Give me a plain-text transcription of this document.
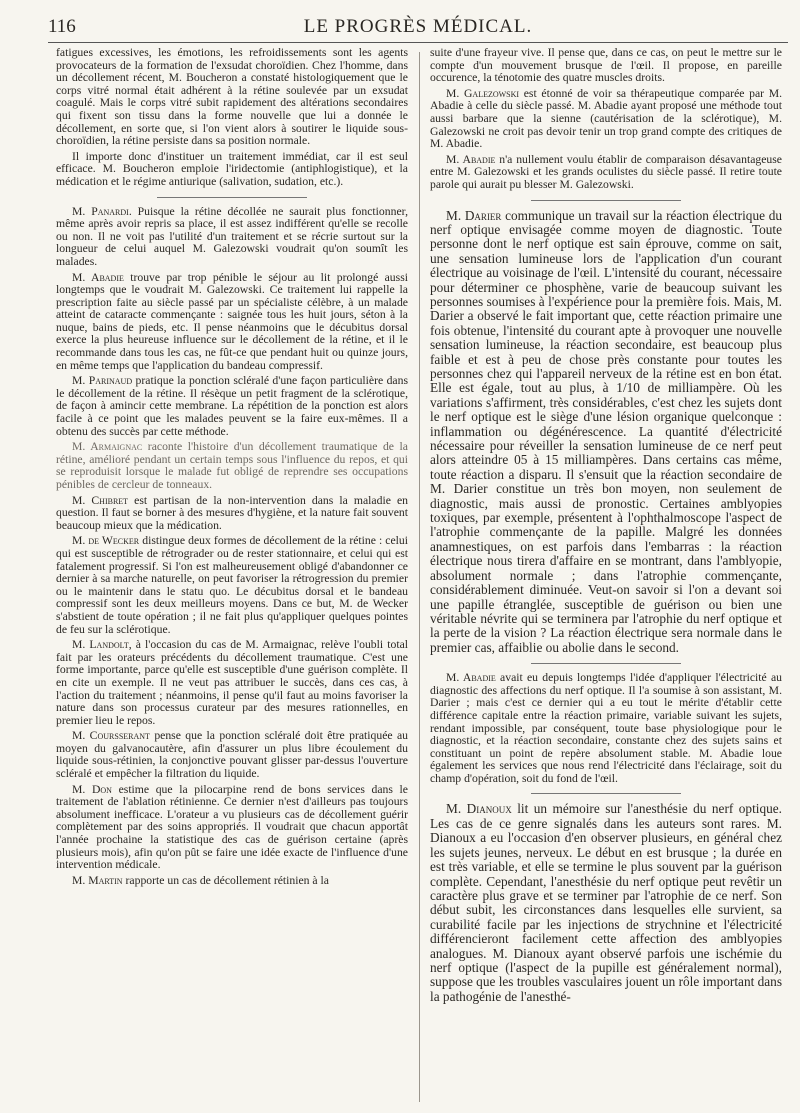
116	LE PROGRÈS MÉDICAL.

fatigues excessives, les émotions, les refroidissements sont les agents provocateurs de la formation de l'exsudat choroïdien. Chez l'homme, dans un décollement récent, M. Boucheron a constaté histologiquement que le corps vitré normal était adhérent à la rétine soulevée par un exsudat coagulé. Mais le corps vitré subit rapidement des altérations secondaires qui fixent son tissu dans la forme nouvelle que lui a donnée le décollement, en sorte que, si l'on vient alors à soutirer le liquide sous-choroïdien, la rétine persiste dans sa position normale.

Il importe donc d'instituer un traitement immédiat, car il est seul efficace. M. Boucheron emploie l'iridectomie (antiphlogistique), et la médication et le régime antiurique (salivation, sudation, etc.).

M. Panardi. Puisque la rétine décollée ne saurait plus fonctionner, même après avoir repris sa place, il est assez indifférent qu'elle se recolle ou non. Il ne voit pas l'utilité d'un traitement et se récrie surtout sur la longueur de celui auquel M. Galezowski voudrait qu'on soumît les malades.

M. Abadie trouve par trop pénible le séjour au lit prolongé aussi longtemps que le voudrait M. Galezowski. Ce traitement lui rappelle la prescription faite au siècle passé par un spécialiste célèbre, à un malade atteint de cataracte commençante : saignée tous les huit jours, séton à la nuque, bains de pieds, etc. Il pense néanmoins que le décubitus dorsal exerce la plus heureuse influence sur le décollement de la rétine, et il le recommande dans tous les cas, ne fût-ce que pendant huit ou quinze jours, en même temps que l'application du bandeau compressif.

M. Parinaud pratique la ponction scléralé d'une façon particulière dans le décollement de la rétine. Il résèque un petit fragment de la sclérotique, de façon à amincir cette membrane. La répétition de la ponction est alors facile à ce point que les malades peuvent se la faire eux-mêmes. Il a obtenu des succès par cette méthode.

M. Armaignac raconte l'histoire d'un décollement traumatique de la rétine, amélioré pendant un certain temps sous l'influence du repos, et qui se reproduisit lorsque le malade fut obligé de reprendre ses occupations pénibles de cercleur de tonneaux.

M. Chibret est partisan de la non-intervention dans la maladie en question. Il faut se borner à des mesures d'hygiène, et la nature fait souvent beaucoup mieux que la médication.

M. de Wecker distingue deux formes de décollement de la rétine : celui qui est susceptible de rétrograder ou de rester stationnaire, et celui qui est fatalement progressif. Si l'on est malheureusement obligé d'abandonner ce dernier à sa marche naturelle, on peut favoriser la rétrogression du premier ou le maintenir dans le statu quo. Le décubitus dorsal et le bandeau compressif sont les deux meilleurs moyens. Dans ce but, M. de Wecker s'abstient de toute opération ; il ne fait plus qu'appliquer quelques pointes de feu sur la sclérotique.

M. Landolt, à l'occasion du cas de M. Armaignac, relève l'oubli total fait par les orateurs précédents du décollement traumatique. C'est une forme importante, parce qu'elle est susceptible d'une guérison complète. Il en cite un exemple. Il ne veut pas attribuer le succès, dans ces cas, à l'action du traitement ; néanmoins, il pense qu'il faut au moins favoriser la nature dans son processus curateur par des mesures rationnelles, en premier lieu le repos.

M. Coursserant pense que la ponction scléralé doit être pratiquée au moyen du galvanocautère, afin d'assurer un plus libre écoulement du liquide sous-rétinien, la conjonctive pouvant glisser par-dessus l'ouverture scléralé et empêcher la filtration du liquide.

M. Don estime que la pilocarpine rend de bons services dans le traitement de l'ablation rétinienne. Ce dernier n'est d'ailleurs pas toujours absolument inefficace. L'orateur a vu plusieurs cas de décollement guérir complètement par des soins appropriés. Il voudrait que chacun apportât l'année prochaine la statistique des cas de guérison certaine (après plusieurs mois), afin qu'on pût se faire une idée exacte de l'influence d'une intervention médicale.

M. Martin rapporte un cas de décollement rétinien à la

suite d'une frayeur vive. Il pense que, dans ce cas, on peut le mettre sur le compte d'un mouvement brusque de l'œil. Il propose, en pareille occurence, la ténotomie des quatre muscles droits.

M. Galezowski est étonné de voir sa thérapeutique comparée par M. Abadie à celle du siècle passé. M. Abadie ayant proposé une méthode tout aussi barbare que la sienne (cautérisation de la sclérotique), M. Galezowski ne croit pas devoir tenir un trop grand compte des critiques de M. Abadie.

M. Abadie n'a nullement voulu établir de comparaison désavantageuse entre M. Galezowski et les grands oculistes du siècle passé. Il retire toute parole qui aurait pu blesser M. Galezowski.

M. Darier communique un travail sur la réaction électrique du nerf optique envisagée comme moyen de diagnostic. Toute personne dont le nerf optique est sain éprouve, comme on sait, une sensation lumineuse lors de l'application d'un courant électrique au voisinage de l'œil. L'intensité du courant, nécessaire pour déterminer ce phosphène, varie de beaucoup suivant les personnes soumises à l'expérience pour la première fois. Mais, M. Darier a observé le fait important que, cette réaction primaire une fois obtenue, l'intensité du courant apte à provoquer une nouvelle sensation lumineuse, la réaction secondaire, est beaucoup plus faible et est à peu de chose près constante pour toutes les personnes chez qui l'appareil nerveux de la rétine est en bon état. Elle est égale, tout au plus, à 1/10 de milliampère. Où les variations s'affirment, très considérables, c'est chez les sujets dont le nerf optique est le siège d'une lésion organique quelconque : inflammation ou dégénérescence. La quantité d'électricité nécessaire pour réveiller la sensation lumineuse de ce nerf peut alors atteindre 05 à 15 milliampères. Dans certains cas même, toute réaction a disparu. Il s'ensuit que la réaction secondaire de M. Darier constitue un très bon moyen, non seulement de diagnostic, mais aussi de pronostic. Certaines amblyopies toxiques, par exemple, présentent à l'ophthalmoscope l'aspect de l'atrophie commençante de la papille. Malgré les données anamnestiques, on est parfois dans l'embarras : la réaction électrique nous tirera d'affaire en se montrant, dans l'amblyopie, absolument normale ; dans l'atrophie commençante, considérablement diminuée. Veut-on savoir si l'on a devant soi une papille étranglée, susceptible de guérison ou bien une véritable névrite qui se terminera par l'atrophie du nerf optique et la perte de la vision ? La réaction électrique sera normale dans le premier cas, affaiblie ou abolie dans le second.

M. Abadie avait eu depuis longtemps l'idée d'appliquer l'électricité au diagnostic des affections du nerf optique. Il l'a soumise à son assistant, M. Darier ; mais c'est ce dernier qui a eu tout le mérite d'établir cette différence capitale entre la réaction primaire, variable suivant les sujets, rendant impossible, par conséquent, toute base physiologique pour le diagnostic, et la réaction secondaire, constante chez des sujets sains et constituant un point de repère absolument stable. M. Abadie loue également les services que nous rend l'électricité dans l'éclairage, soit du champ d'opération, soit du fond de l'œil.

M. Dianoux lit un mémoire sur l'anesthésie du nerf optique. Les cas de ce genre signalés dans les auteurs sont rares. M. Dianoux a eu l'occasion d'en observer plusieurs, en général chez les sujets jeunes, nerveux. Le début en est brusque ; la durée en est très variable, et elle se termine le plus souvent par la guérison complète. Cependant, l'anesthésie du nerf optique peut revêtir un caractère plus grave et se terminer par l'atrophie de ce nerf. Son début subit, les circonstances dans lesquelles elle survient, sa curabilité facile par les injections de strychnine et l'électricité différencieront facilement cette affection des amblyopies analogues. M. Dianoux ayant observé parfois une ischémie du nerf optique (l'aspect de la pupille est généralement normal), suppose que les troubles vasculaires jouent un rôle important dans la pathogénie de l'anesthé-
